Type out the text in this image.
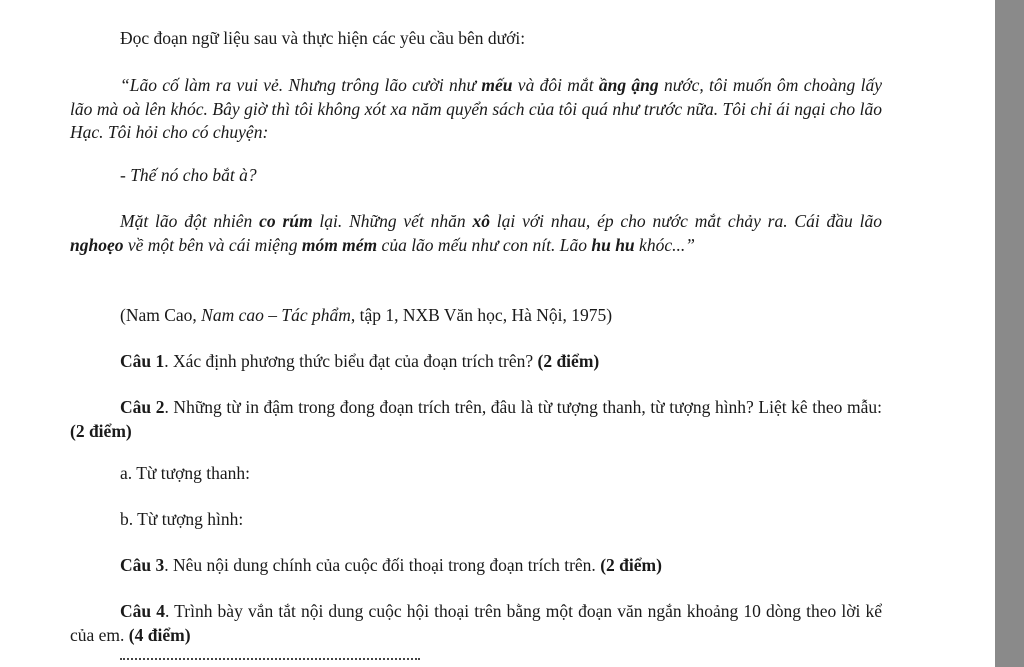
Đọc đoạn ngữ liệu sau và thực hiện các yêu cầu bên dưới:

“Lão cố làm ra vui vẻ. Nhưng trông lão cười như mếu và đôi mắt ầng ậng nước, tôi muốn ôm choàng lấy lão mà oà lên khóc. Bây giờ thì tôi không xót xa năm quyển sách của tôi quá như trước nữa. Tôi chỉ ái ngại cho lão Hạc. Tôi hỏi cho có chuyện:

- Thế nó cho bắt à?

Mặt lão đột nhiên co rúm lại. Những vết nhăn xô lại với nhau, ép cho nước mắt chảy ra. Cái đầu lão nghoẹo về một bên và cái miệng móm mém của lão mếu như con nít. Lão hu hu khóc...”

(Nam Cao, Nam cao – Tác phẩm, tập 1, NXB Văn học, Hà Nội, 1975)

Câu 1. Xác định phương thức biểu đạt của đoạn trích trên? (2 điểm)

Câu 2. Những từ in đậm trong đong đoạn trích trên, đâu là từ tượng thanh, từ tượng hình? Liệt kê theo mẫu: (2 điểm)

a. Từ tượng thanh:

b. Từ tượng hình:

Câu 3. Nêu nội dung chính của cuộc đối thoại trong đoạn trích trên. (2 điểm)

Câu 4. Trình bày vắn tắt nội dung cuộc hội thoại trên bằng một đoạn văn ngắn khoảng 10 dòng theo lời kể của em. (4 điểm)
